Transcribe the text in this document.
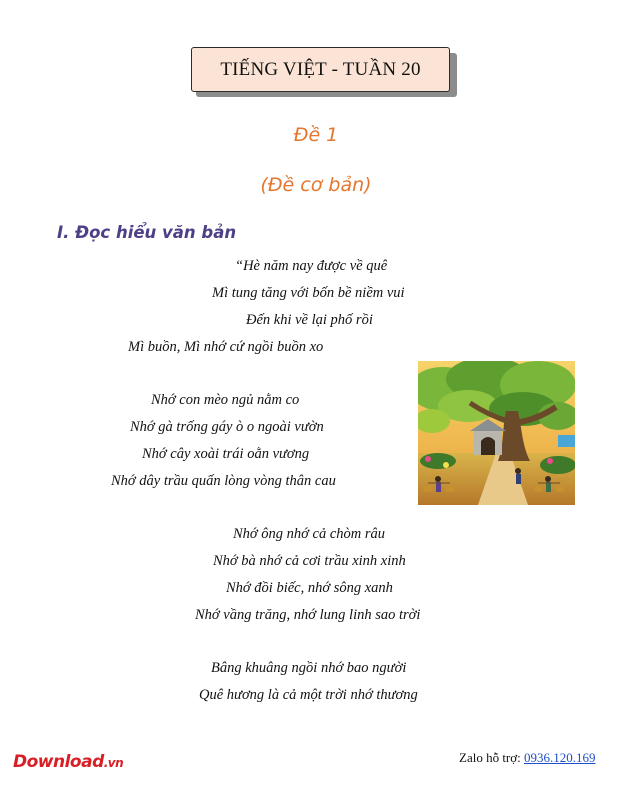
TIẾNG VIỆT - TUẦN 20
Đề 1
(Đề cơ bản)
I. Đọc hiểu văn bản
“Hè năm nay được về quê
Mì tung tăng với bốn bề niềm vui
Đến khi về lại phố rồi
Mì buồn, Mì nhớ cứ ngồi buồn xo
Nhớ con mèo ngủ nằm co
Nhớ gà trống gáy ò o ngoài vườn
Nhớ cây xoài trái oằn vương
Nhớ dây trầu quấn lòng vòng thân cau
Nhớ ông nhớ cả chòm râu
Nhớ bà nhớ cả cơi trầu xinh xinh
Nhớ đồi biếc, nhớ sông xanh
Nhớ vầng trăng, nhớ lung linh sao trời
Bâng khuâng ngồi nhớ bao người
Quê hương là cả một trời nhớ thương
Download.vn	Zalo hỗ trợ: 0936.120.169
